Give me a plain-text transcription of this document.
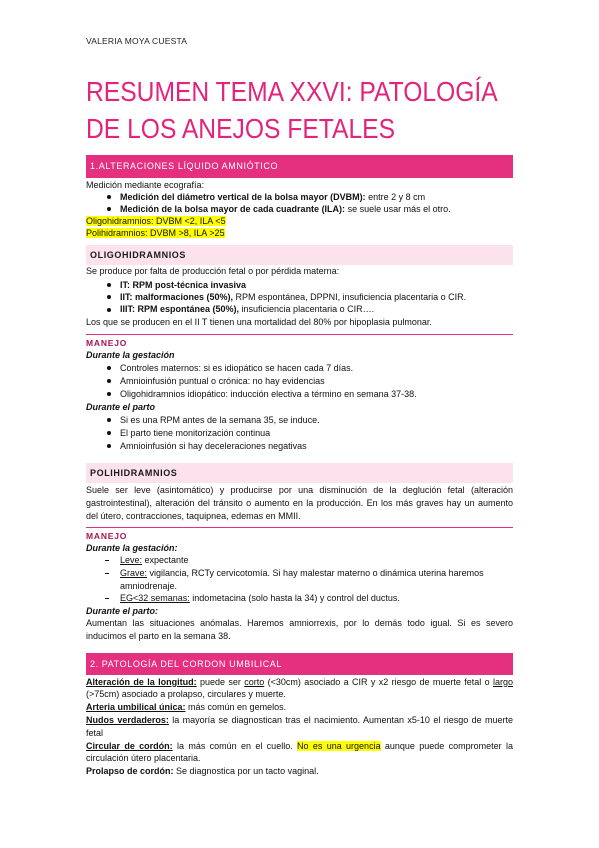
VALERIA MOYA CUESTA
RESUMEN TEMA XXVI: PATOLOGÍA
DE LOS ANEJOS FETALES
1.ALTERACIONES LÍQUIDO AMNIÓTICO

Medición mediante ecografía:

Medición del diámetro vertical de la bolsa mayor (DVBM): entre 2 y 8 cm
Medición de la bolsa mayor de cada cuadrante (ILA): se suele usar más el otro.

Oligohidramnios: DVBM <2, ILA <5

Polihidramnios: DVBM >8, ILA >25

OLIGOHIDRAMNIOS

Se produce por falta de producción fetal o por pérdida materna:

IT: RPM post-técnica invasiva
IIT: malformaciones (50%), RPM espontánea, DPPNI, insuficiencia placentaria o CIR.
IIIT: RPM espontánea (50%), insuficiencia placentaria o CIR….

Los que se producen en el II T tienen una mortalidad del 80% por hipoplasia pulmonar.

MANEJO

Durante la gestación

Controles maternos: si es idiopático se hacen cada 7 días.
Amnioinfusión puntual o crónica: no hay evidencias
Oligohidramnios idiopático: inducción electiva a término en semana 37-38.

Durante el parto

Si es una RPM antes de la semana 35, se induce.
El parto tiene monitorización continua
Amnioinfusión si hay deceleraciones negativas
POLIHIDRAMNIOS

Suele ser leve (asintomático) y producirse por una disminución de la deglución fetal (alteración gastrointestinal), alteración del tránsito o aumento en la producción. En los más graves hay un aumento del útero, contracciones, taquipnea, edemas en MMII.

MANEJO

Durante la gestación:

Leve: expectante
Grave: vigilancia, RCTy cervicotomía. Si hay malestar materno o dinámica uterina haremos amniodrenaje.
EG<32 semanas: indometacina (solo hasta la 34) y control del ductus.

Durante el parto:

Aumentan las situaciones anómalas. Haremos amniorrexis, por lo demás todo igual. Si es severo inducimos el parto en la semana 38.

2. PATOLOGÍA DEL CORDON UMBILICAL

Alteración de la longitud: puede ser corto (<30cm) asociado a CIR y x2 riesgo de muerte fetal o largo (>75cm) asociado a prolapso, circulares y muerte.

Arteria umbilical única: más común en gemelos.

Nudos verdaderos: la mayoría se diagnostican tras el nacimiento. Aumentan x5-10 el riesgo de muerte fetal

Circular de cordón: la más común en el cuello. No es una urgencia aunque puede comprometer la circulación útero placentaria.

Prolapso de cordón: Se diagnostica por un tacto vaginal.
